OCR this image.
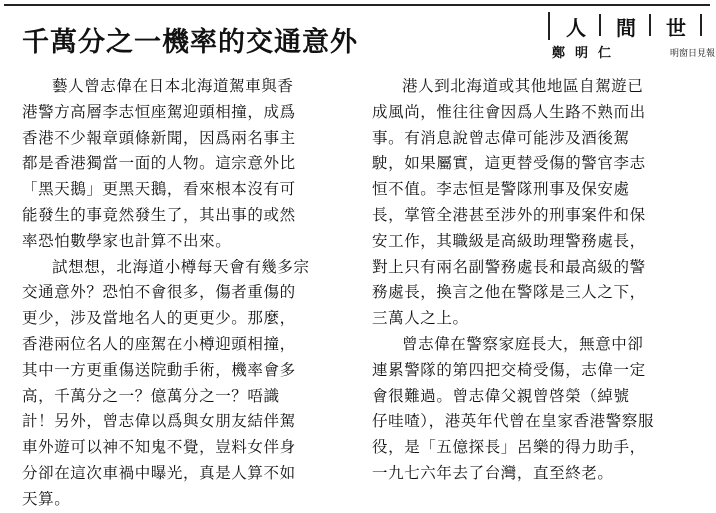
千萬分之一機率的交通意外	人 間 世
鄭明仁	明窗日見報
藝人曾志偉在日本北海道駕車與香
港警方高層李志恒座駕迎頭相撞，成爲
香港不少報章頭條新聞，因爲兩名事主
都是香港獨當一面的人物。這宗意外比
「黑天鵝」更黑天鵝，看來根本沒有可
能發生的事竟然發生了，其出事的或然
率恐怕數學家也計算不出來。
試想想，北海道小樽每天會有幾多宗
交通意外？恐怕不會很多，傷者重傷的
更少，涉及當地名人的更更少。那麼，
香港兩位名人的座駕在小樽迎頭相撞，
其中一方更重傷送院動手術，機率會多
高，千萬分之一？億萬分之一？唔識
計！另外，曾志偉以爲與女朋友結伴駕
車外遊可以神不知鬼不覺，豈料女伴身
分卻在這次車禍中曝光，真是人算不如
天算。
港人到北海道或其他地區自駕遊已
成風尚，惟往往會因爲人生路不熟而出
事。有消息說曾志偉可能涉及酒後駕
駛，如果屬實，這更替受傷的警官李志
恒不值。李志恒是警隊刑事及保安處
長，掌管全港甚至涉外的刑事案件和保
安工作，其職級是高級助理警務處長，
對上只有兩名副警務處長和最高級的警
務處長，換言之他在警隊是三人之下，
三萬人之上。
曾志偉在警察家庭長大，無意中卻
連累警隊的第四把交椅受傷，志偉一定
會很難過。曾志偉父親曾啓榮（綽號
仔哇喳），港英年代曾在皇家香港警察服
役，是「五億探長」呂樂的得力助手，
一九七六年去了台灣，直至終老。
